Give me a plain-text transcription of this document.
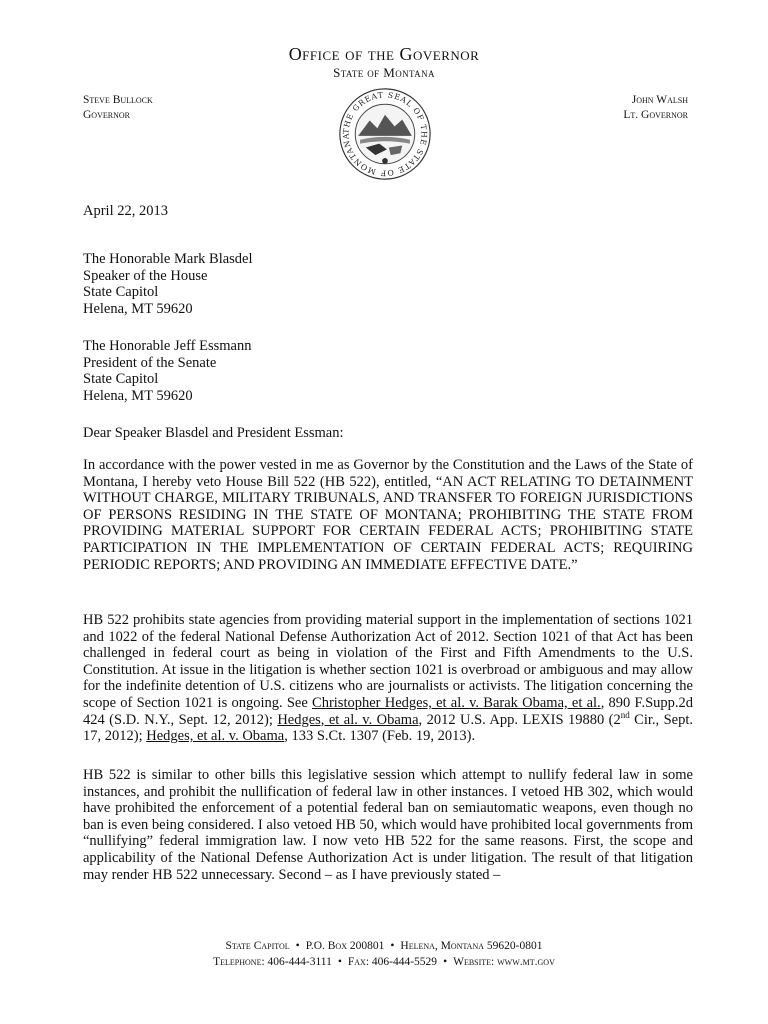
Office of the Governor
State of Montana
Steve Bullock
Governor
John Walsh
Lt. Governor
THE GREAT SEAL OF THE STATE OF MONTANA
April 22, 2013
The Honorable Mark Blasdel
Speaker of the House
State Capitol
Helena, MT 59620
The Honorable Jeff Essmann
President of the Senate
State Capitol
Helena, MT 59620
Dear Speaker Blasdel and President Essman:
In accordance with the power vested in me as Governor by the Constitution and the Laws of the State of Montana, I hereby veto House Bill 522 (HB 522), entitled, “AN ACT RELATING TO DETAINMENT WITHOUT CHARGE, MILITARY TRIBUNALS, AND TRANSFER TO FOREIGN JURISDICTIONS OF PERSONS RESIDING IN THE STATE OF MONTANA; PROHIBITING THE STATE FROM PROVIDING MATERIAL SUPPORT FOR CERTAIN FEDERAL ACTS; PROHIBITING STATE PARTICIPATION IN THE IMPLEMENTATION OF CERTAIN FEDERAL ACTS; REQUIRING PERIODIC REPORTS; AND PROVIDING AN IMMEDIATE EFFECTIVE DATE.”
HB 522 prohibits state agencies from providing material support in the implementation of sections 1021 and 1022 of the federal National Defense Authorization Act of 2012. Section 1021 of that Act has been challenged in federal court as being in violation of the First and Fifth Amendments to the U.S. Constitution. At issue in the litigation is whether section 1021 is overbroad or ambiguous and may allow for the indefinite detention of U.S. citizens who are journalists or activists. The litigation concerning the scope of Section 1021 is ongoing. See Christopher Hedges, et al. v. Barak Obama, et al., 890 F.Supp.2d 424 (S.D. N.Y., Sept. 12, 2012); Hedges, et al. v. Obama, 2012 U.S. App. LEXIS 19880 (2nd Cir., Sept. 17, 2012); Hedges, et al. v. Obama, 133 S.Ct. 1307 (Feb. 19, 2013).
HB 522 is similar to other bills this legislative session which attempt to nullify federal law in some instances, and prohibit the nullification of federal law in other instances. I vetoed HB 302, which would have prohibited the enforcement of a potential federal ban on semiautomatic weapons, even though no ban is even being considered. I also vetoed HB 50, which would have prohibited local governments from “nullifying” federal immigration law. I now veto HB 522 for the same reasons. First, the scope and applicability of the National Defense Authorization Act is under litigation. The result of that litigation may render HB 522 unnecessary. Second – as I have previously stated –
State Capitol • P.O. Box 200801 • Helena, Montana 59620-0801
Telephone: 406-444-3111 • Fax: 406-444-5529 • Website: www.mt.gov
